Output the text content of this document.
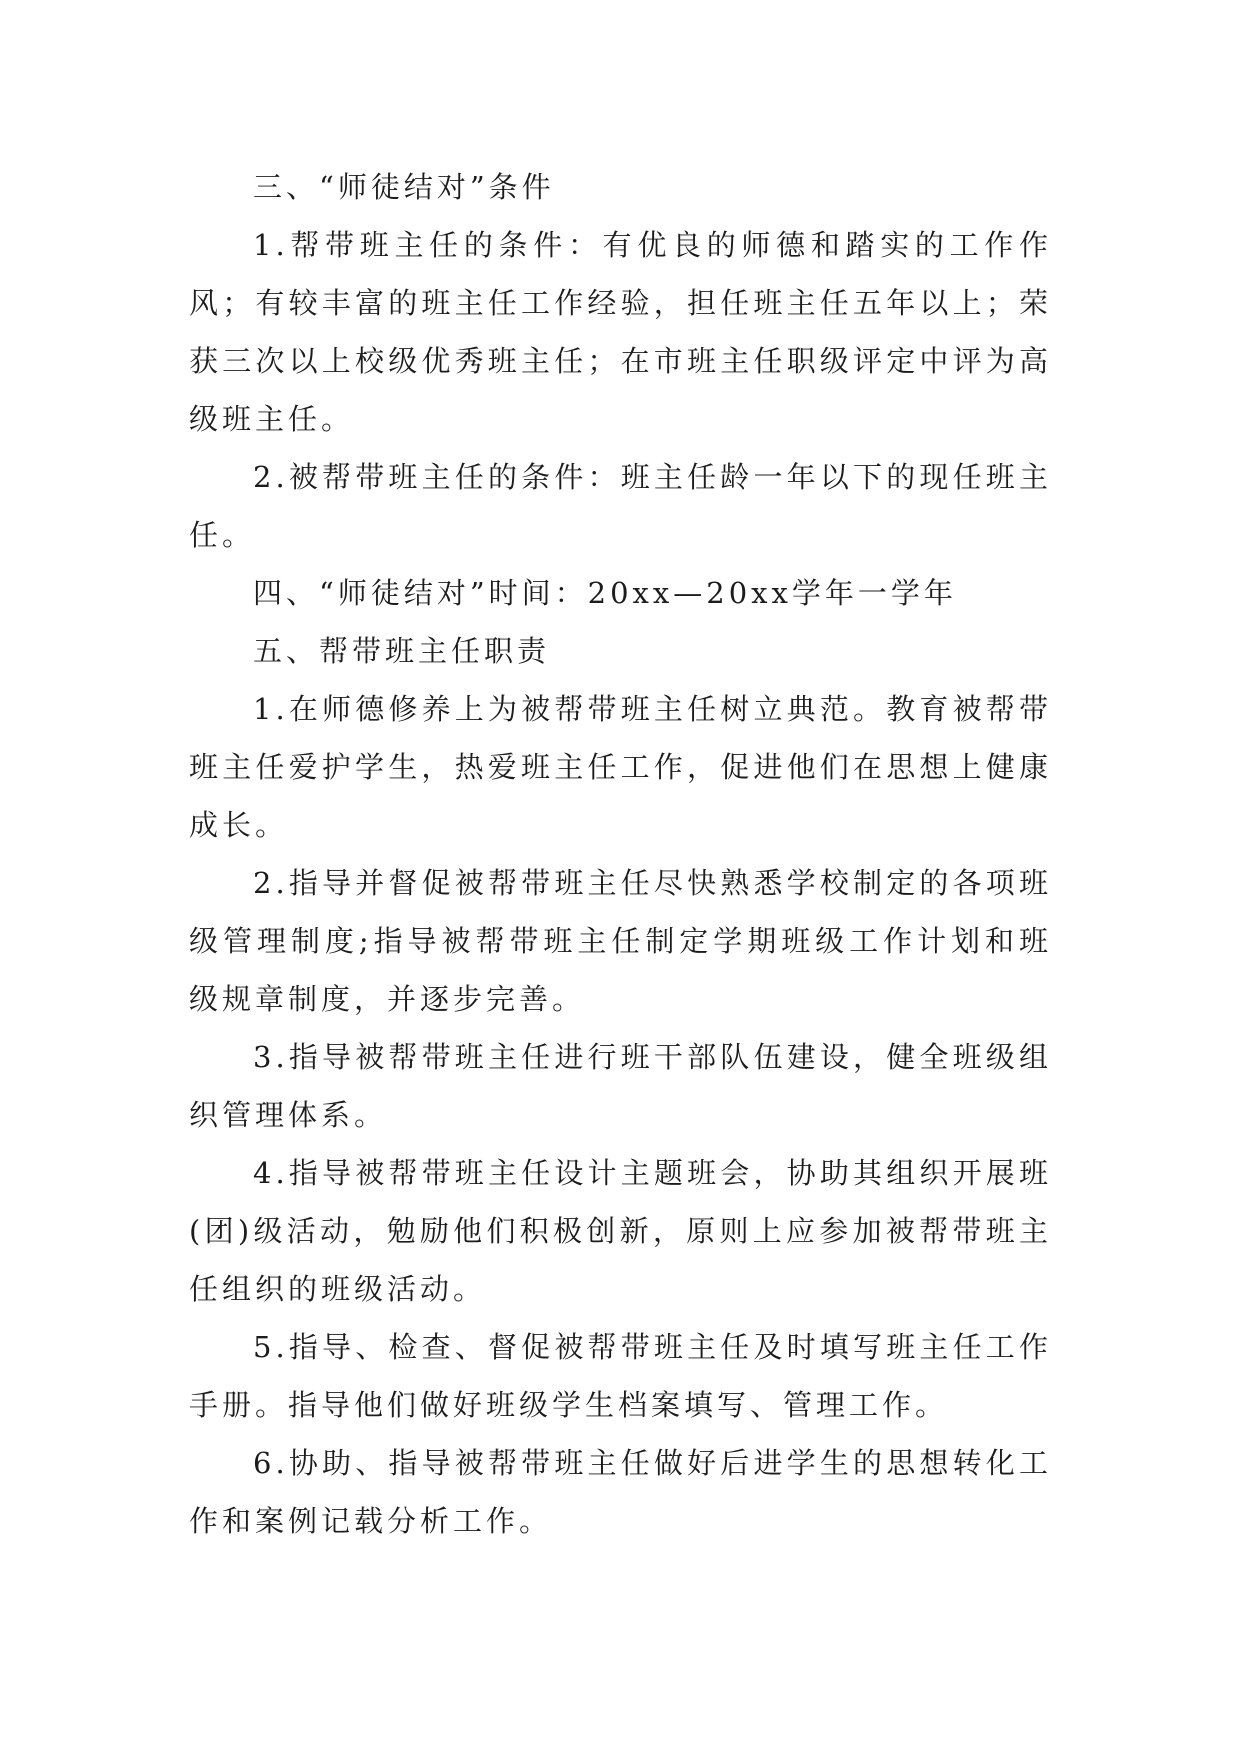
三、“师徒结对”条件

1.帮带班主任的条件：有优良的师德和踏实的工作作风；有较丰富的班主任工作经验，担任班主任五年以上；荣获三次以上校级优秀班主任；在市班主任职级评定中评为高级班主任。

2.被帮带班主任的条件：班主任龄一年以下的现任班主任。

四、“师徒结对”时间：20xx—20xx学年一学年

五、帮带班主任职责

1.在师德修养上为被帮带班主任树立典范。教育被帮带班主任爱护学生，热爱班主任工作，促进他们在思想上健康成长。

2.指导并督促被帮带班主任尽快熟悉学校制定的各项班级管理制度;指导被帮带班主任制定学期班级工作计划和班级规章制度，并逐步完善。

3.指导被帮带班主任进行班干部队伍建设，健全班级组织管理体系。

4.指导被帮带班主任设计主题班会，协助其组织开展班(团)级活动，勉励他们积极创新，原则上应参加被帮带班主任组织的班级活动。

5.指导、检查、督促被帮带班主任及时填写班主任工作手册。指导他们做好班级学生档案填写、管理工作。

6.协助、指导被帮带班主任做好后进学生的思想转化工作和案例记载分析工作。
